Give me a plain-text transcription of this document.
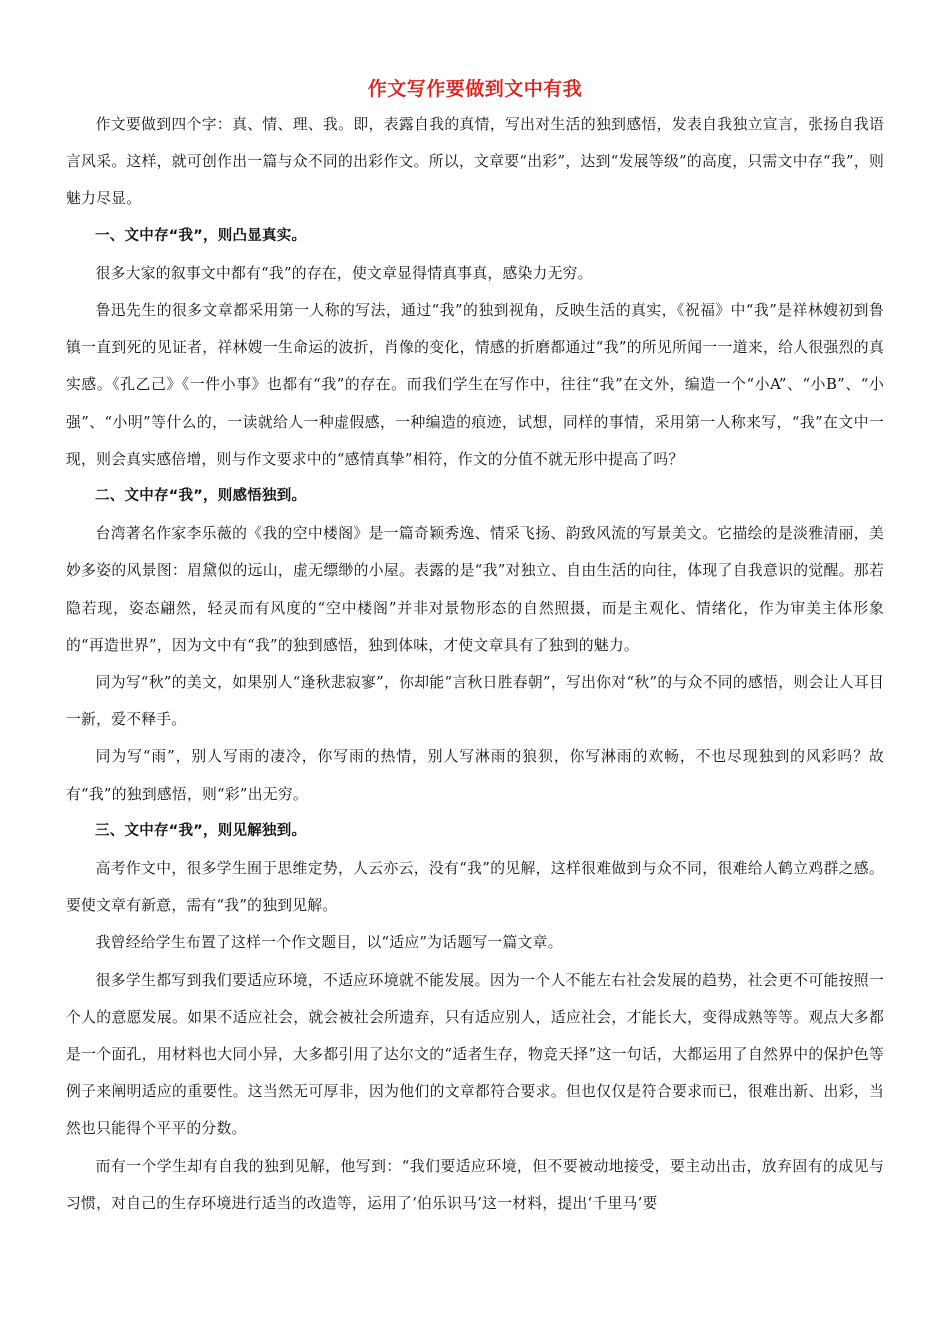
作文写作要做到文中有我

作文要做到四个字：真、情、理、我。即，表露自我的真情，写出对生活的独到感悟，发表自我独立宣言，张扬自我语言风采。这样，就可创作出一篇与众不同的出彩作文。所以，文章要“出彩”，达到“发展等级”的高度，只需文中存“我”，则魅力尽显。

一、文中存“我”，则凸显真实。

很多大家的叙事文中都有“我”的存在，使文章显得情真事真，感染力无穷。

鲁迅先生的很多文章都采用第一人称的写法，通过“我”的独到视角，反映生活的真实，《祝福》中“我”是祥林嫂初到鲁镇一直到死的见证者，祥林嫂一生命运的波折，肖像的变化，情感的折磨都通过“我”的所见所闻一一道来，给人很强烈的真实感。《孔乙己》《一件小事》也都有“我”的存在。而我们学生在写作中，往往“我”在文外，编造一个“小A”、“小B”、“小强”、“小明”等什么的，一读就给人一种虚假感，一种编造的痕迹，试想，同样的事情，采用第一人称来写，“我”在文中一现，则会真实感倍增，则与作文要求中的“感情真挚”相符，作文的分值不就无形中提高了吗？

二、文中存“我”，则感悟独到。

台湾著名作家李乐薇的《我的空中楼阁》是一篇奇颖秀逸、情采飞扬、韵致风流的写景美文。它描绘的是淡雅清丽，美妙多姿的风景图：眉黛似的远山，虚无缥缈的小屋。表露的是“我”对独立、自由生活的向往，体现了自我意识的觉醒。那若隐若现，姿态翩然，轻灵而有风度的“空中楼阁”并非对景物形态的自然照摄，而是主观化、情绪化，作为审美主体形象的“再造世界”，因为文中有“我”的独到感悟，独到体味，才使文章具有了独到的魅力。

同为写“秋”的美文，如果别人“逢秋悲寂寥”，你却能“言秋日胜春朝”，写出你对“秋”的与众不同的感悟，则会让人耳目一新，爱不释手。

同为写“雨”，别人写雨的凄冷，你写雨的热情，别人写淋雨的狼狈，你写淋雨的欢畅，不也尽现独到的风彩吗？故有“我”的独到感悟，则“彩”出无穷。

三、文中存“我”，则见解独到。

高考作文中，很多学生囿于思维定势，人云亦云，没有“我”的见解，这样很难做到与众不同，很难给人鹤立鸡群之感。要使文章有新意，需有“我”的独到见解。

我曾经给学生布置了这样一个作文题目，以“适应”为话题写一篇文章。

很多学生都写到我们要适应环境，不适应环境就不能发展。因为一个人不能左右社会发展的趋势，社会更不可能按照一个人的意愿发展。如果不适应社会，就会被社会所遗弃，只有适应别人，适应社会，才能长大，变得成熟等等。观点大多都是一个面孔，用材料也大同小异，大多都引用了达尔文的“适者生存，物竞天择”这一句话，大都运用了自然界中的保护色等例子来阐明适应的重要性。这当然无可厚非，因为他们的文章都符合要求。但也仅仅是符合要求而已，很难出新、出彩，当然也只能得个平平的分数。

而有一个学生却有自我的独到见解，他写到：“我们要适应环境，但不要被动地接受，要主动出击，放弃固有的成见与习惯，对自己的生存环境进行适当的改造等，运用了‘伯乐识马’这一材料，提出‘千里马’要
